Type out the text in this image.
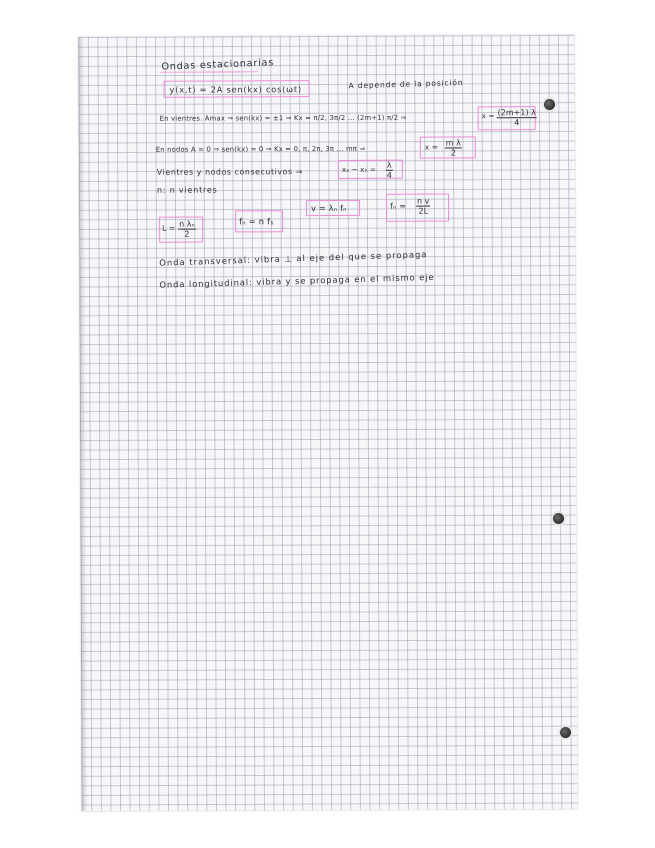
Ondas estacionarias
y(x,t) = 2A sen(kx) cos(ωt)	A depende de la posición
En vientres. Amax ⇒ sen(kx) = ±1 ⇒ Kx = π/2, 3π/2 ... (2m+1) π/2 ⇒	$x = \frac{(2m+1) \lambda}{4}$
En nodos A = 0 ⇒ sen(kx) = 0 ⇒ Kx = 0, π, 2π, 3π ... mπ ⇒	$x = \frac{\text{m λ}}{2}$
Vientres y nodos consecutivos ⇒	$x_2 - x_1 = \frac{\lambda}{4}$
n: n vientres
$L = \frac{\text{n λₙ}}{2}$	fₙ = n f₁
v = λₙ fₙ	$f_n = \frac{\text{n v}}{2L}$
Onda transversal: vibra ⊥ al eje del que se propaga
Onda longitudinal: vibra y se propaga en el mismo eje
